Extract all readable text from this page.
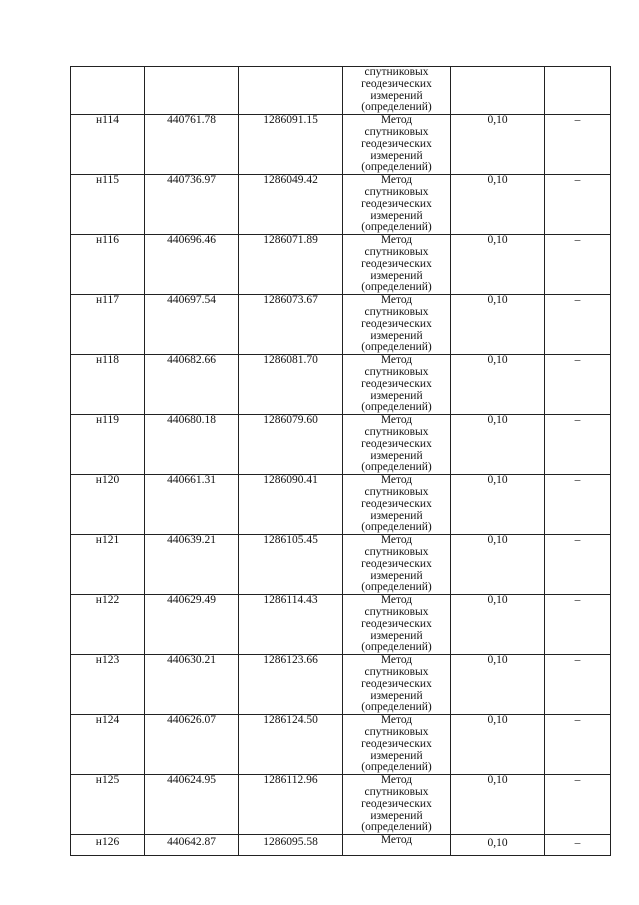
			спутниковых
геодезических
измерений
(определений)		

н114	440761.78	1286091.15	Метод
спутниковых
геодезических
измерений
(определений)	0,10	–
н115	440736.97	1286049.42	Метод
спутниковых
геодезических
измерений
(определений)	0,10	–
н116	440696.46	1286071.89	Метод
спутниковых
геодезических
измерений
(определений)	0,10	–
н117	440697.54	1286073.67	Метод
спутниковых
геодезических
измерений
(определений)	0,10	–
н118	440682.66	1286081.70	Метод
спутниковых
геодезических
измерений
(определений)	0,10	–
н119	440680.18	1286079.60	Метод
спутниковых
геодезических
измерений
(определений)	0,10	–
н120	440661.31	1286090.41	Метод
спутниковых
геодезических
измерений
(определений)	0,10	–
н121	440639.21	1286105.45	Метод
спутниковых
геодезических
измерений
(определений)	0,10	–
н122	440629.49	1286114.43	Метод
спутниковых
геодезических
измерений
(определений)	0,10	–
н123	440630.21	1286123.66	Метод
спутниковых
геодезических
измерений
(определений)	0,10	–
н124	440626.07	1286124.50	Метод
спутниковых
геодезических
измерений
(определений)	0,10	–
н125	440624.95	1286112.96	Метод
спутниковых
геодезических
измерений
(определений)	0,10	–
н126	440642.87	1286095.58	Метод	0,10	–
